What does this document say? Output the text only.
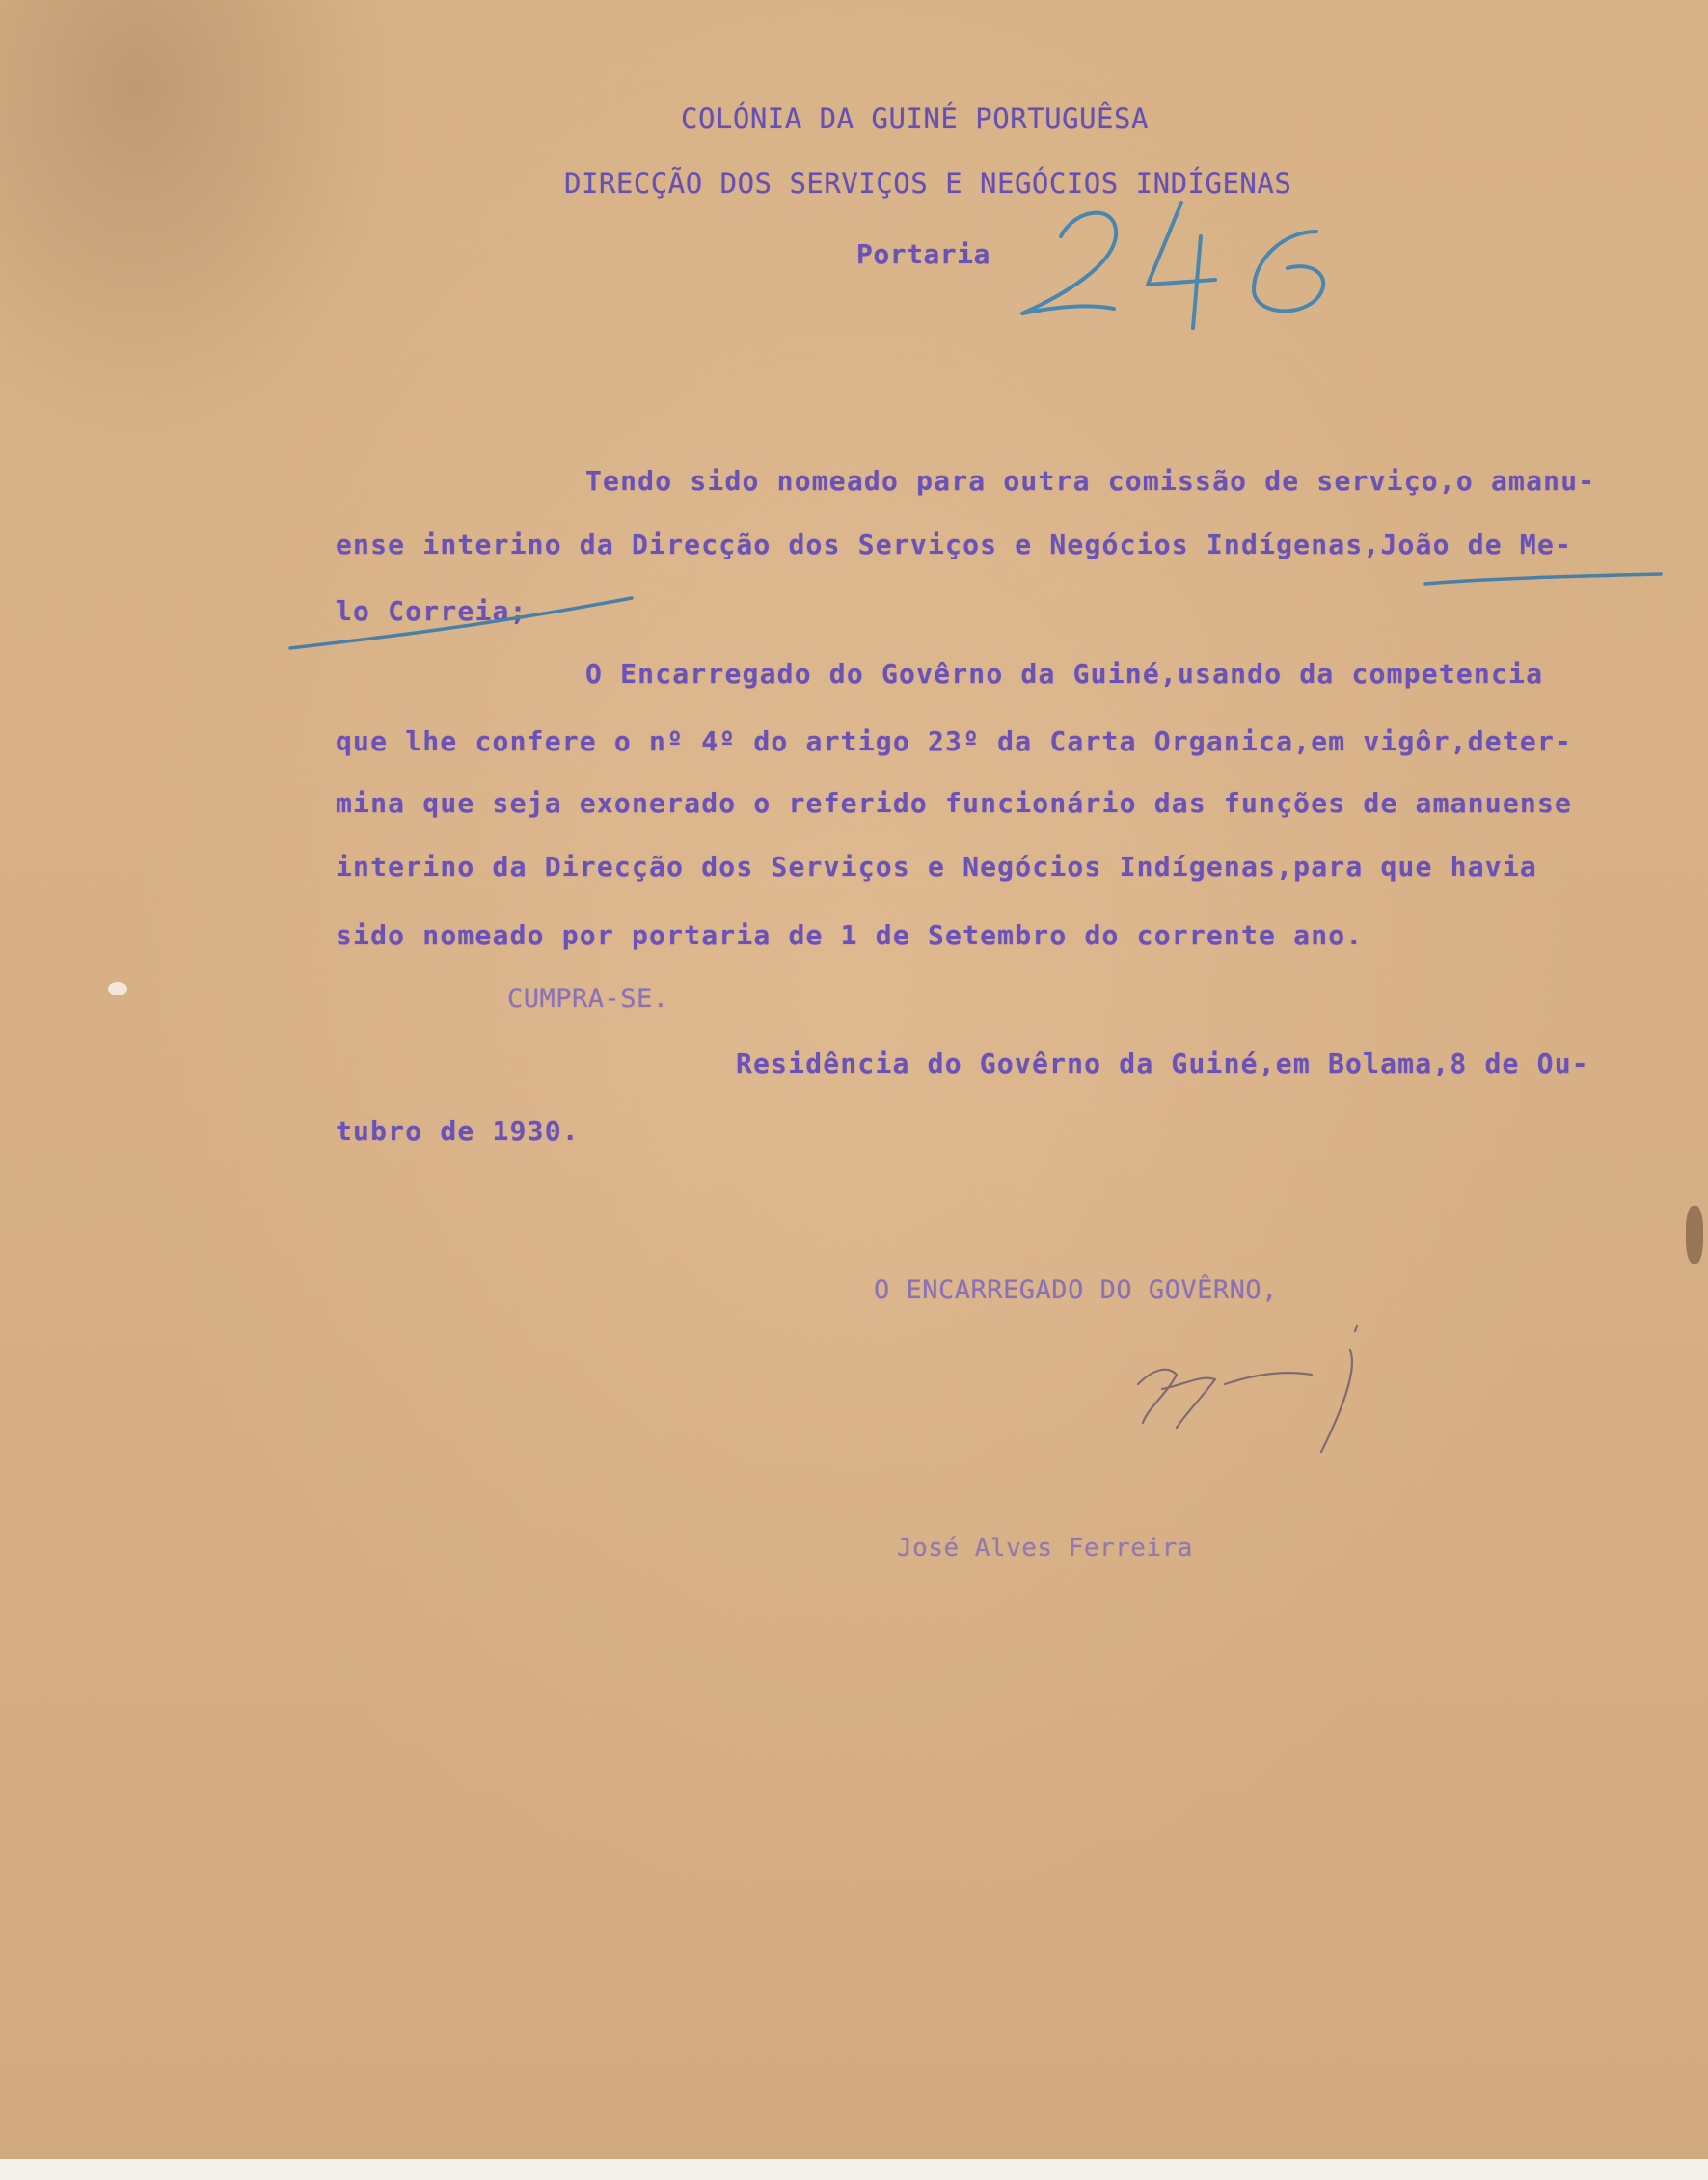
COLÓNIA DA GUINÉ PORTUGUÊSA
DIRECÇÃO DOS SERVIÇOS E NEGÓCIOS INDÍGENAS
Portaria
Tendo sido nomeado para outra comissão de serviço,o amanu-
ense interino da Direcção dos Serviços e Negócios Indígenas,João de Me-
lo Correia;
O Encarregado do Govêrno da Guiné,usando da competencia
que lhe confere o nº 4º do artigo 23º da Carta Organica,em vigôr,deter-
mina que seja exonerado o referido funcionário das funções de amanuense
interino da Direcção dos Serviços e Negócios Indígenas,para que havia
sido nomeado por portaria de 1 de Setembro do corrente ano.
CUMPRA-SE.
Residência do Govêrno da Guiné,em Bolama,8 de Ou-
tubro de 1930.
O ENCARREGADO DO GOVÊRNO,
José Alves Ferreira
